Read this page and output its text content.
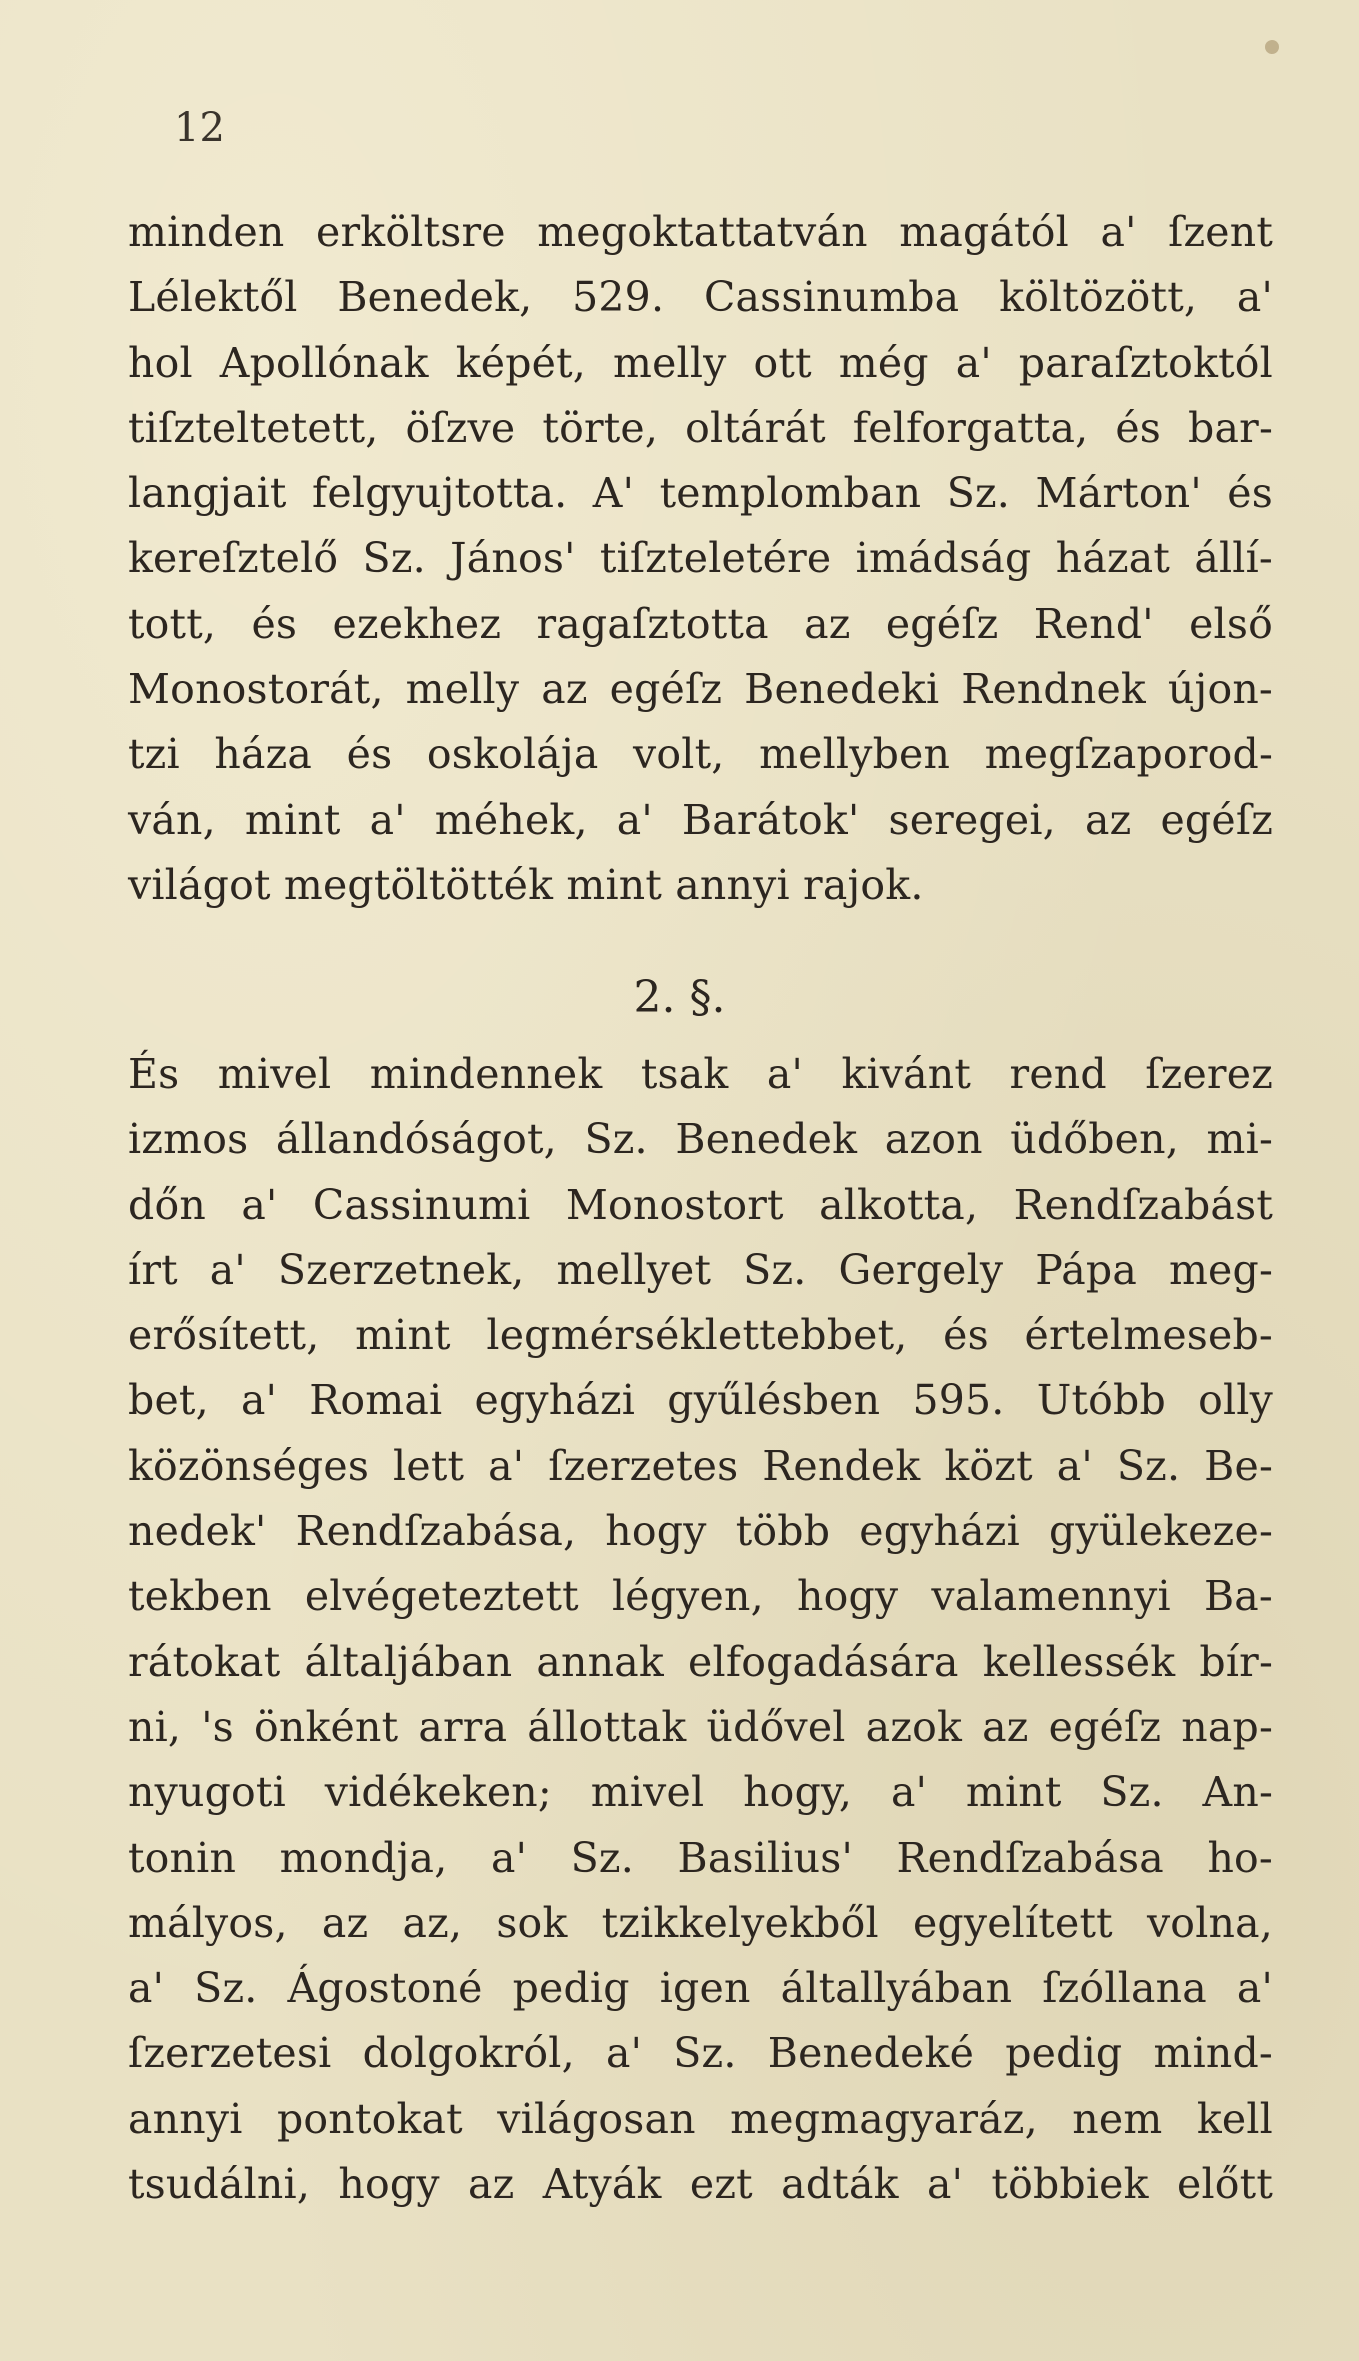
12
minden erköltsre megoktattatván magától a' ſzent
Lélektől Benedek, 529. Cassinumba költözött, a'
hol Apollónak képét, melly ott még a' paraſztoktól
tiſzteltetett, öſzve törte, oltárát felforgatta, és bar-
langjait felgyujtotta. A' templomban Sz. Márton' és
kereſztelő Sz. János' tiſzteletére imádság házat állí-
tott, és ezekhez ragaſztotta az egéſz Rend' első
Monostorát, melly az egéſz Benedeki Rendnek újon-
tzi háza és oskolája volt, mellyben megſzaporod-
ván, mint a' méhek, a' Barátok' seregei, az egéſz
világot megtöltötték mint annyi rajok.
2. §.
És mivel mindennek tsak a' kivánt rend ſzerez
izmos állandóságot, Sz. Benedek azon üdőben, mi-
dőn a' Cassinumi Monostort alkotta, Rendſzabást
írt a' Szerzetnek, mellyet Sz. Gergely Pápa meg-
erősített, mint legmérséklettebbet, és értelmeseb-
bet, a' Romai egyházi gyűlésben 595. Utóbb olly
közönséges lett a' ſzerzetes Rendek közt a' Sz. Be-
nedek' Rendſzabása, hogy több egyházi gyülekeze-
tekben elvégeteztett légyen, hogy valamennyi Ba-
rátokat általjában annak elfogadására kellessék bír-
ni, 's önként arra állottak üdővel azok az egéſz nap-
nyugoti vidékeken; mivel hogy, a' mint Sz. An-
tonin mondja, a' Sz. Basilius' Rendſzabása ho-
mályos, az az, sok tzikkelyekből egyelített volna,
a' Sz. Ágostoné pedig igen általlyában ſzóllana a'
ſzerzetesi dolgokról, a' Sz. Benedeké pedig mind-
annyi pontokat világosan megmagyaráz, nem kell
tsudálni, hogy az Atyák ezt adták a' többiek előtt
